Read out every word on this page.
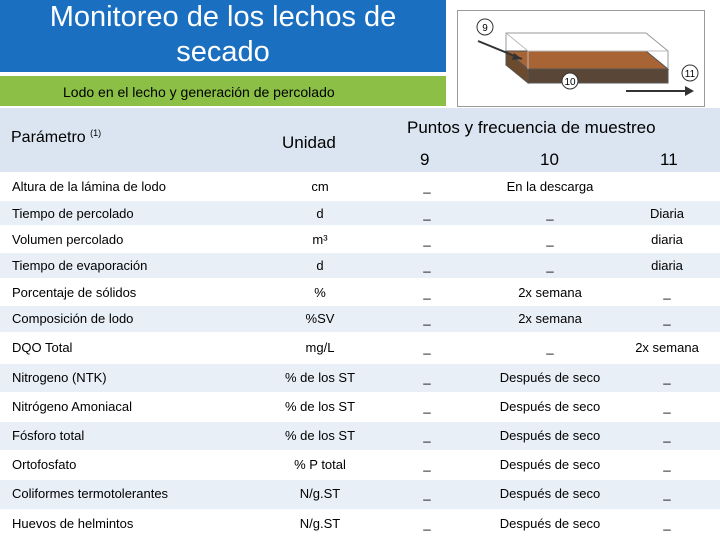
Monitoreo de los lechos de
secado
Lodo en el lecho y generación de percolado
9
10
11
Parámetro $^{(1)}$	Unidad
Puntos y frecuencia de muestreo
9	10	11
Altura de la lámina de lodo	cm	_	En la descarga
Tiempo de percolado	d	_	_	Diaria
Volumen percolado	m³	_	_	diaria
Tiempo de evaporación	d	_	_	diaria
Porcentaje de sólidos	%	_	2x semana	_
Composición de lodo	%SV	_	2x semana	_
DQO Total	mg/L	_	_	2x semana
Nitrogeno (NTK)	% de los ST	_	Después de seco	_
Nitrógeno Amoniacal	% de los ST	_	Después de seco	_
Fósforo total	% de los ST	_	Después de seco	_
Ortofosfato	% P total	_	Después de seco	_
Coliformes termotolerantes	N/g.ST	_	Después de seco	_
Huevos de helmintos	N/g.ST	_	Después de seco	_
